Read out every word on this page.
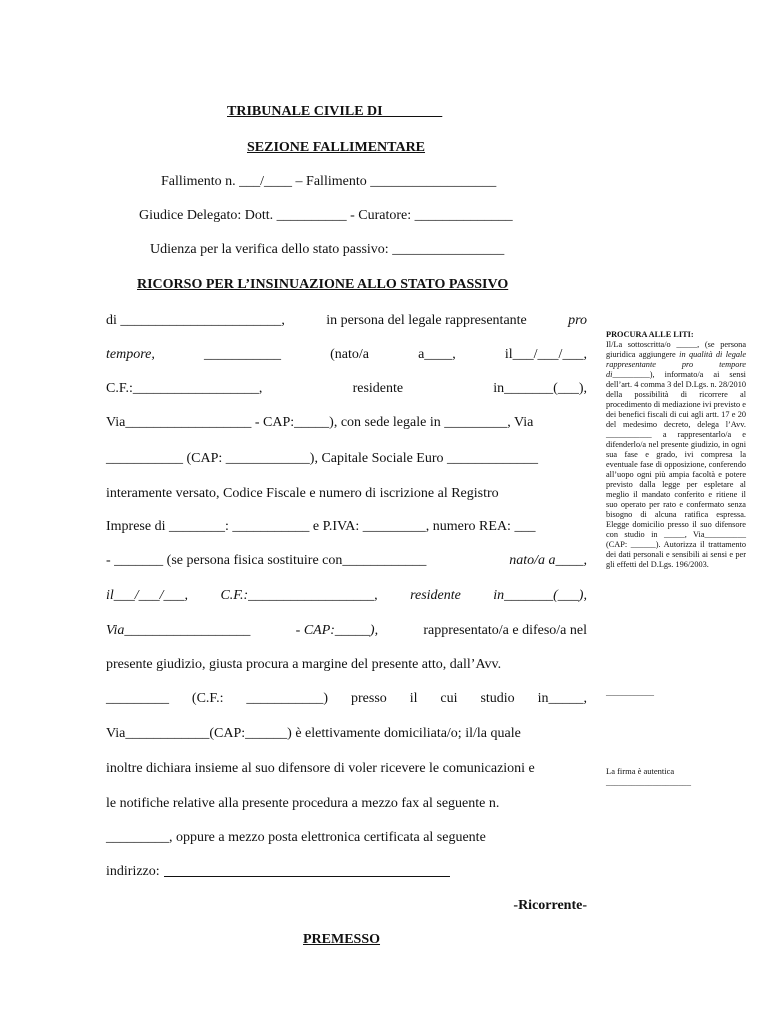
TRIBUNALE CIVILE DI ________
SEZIONE FALLIMENTARE
Fallimento n. ___/____ – Fallimento __________________
Giudice Delegato: Dott. __________ - Curatore: ______________
Udienza per la verifica dello stato passivo: ________________
RICORSO PER L’INSINUAZIONE ALLO STATO PASSIVO
di _______________________,	in persona del legale rappresentante	pro
tempore,	___________	(nato/a	a____,	il___/___/___,
C.F.:__________________,	residente	in_______(___),
Via__________________ - CAP:_____), con sede legale in _________, Via
___________ (CAP: ____________), Capitale Sociale Euro _____________
interamente versato, Codice Fiscale e numero di iscrizione al Registro
Imprese di ________: ___________ e P.IVA: _________, numero REA: ___
- _______ (se persona fisica sostituire con____________	nato/a a____,
il___/___/___, C.F.:__________________, residente in_______(___),
Via__________________	- CAP:_____),	rappresentato/a e difeso/a nel
presente giudizio, giusta procura a margine del presente atto, dall’Avv.
_________ (C.F.: ___________) presso il cui studio in_____,
Via____________(CAP:______) è elettivamente domiciliata/o; il/la quale
inoltre dichiara insieme al suo difensore di voler ricevere le comunicazioni e
le notifiche relative alla presente procedura a mezzo fax al seguente n.
_________, oppure a mezzo posta elettronica certificata al seguente
indirizzo:
-Ricorrente-
PREMESSO

PROCURA ALLE LITI:

Il/La sottoscritta/o _____, (se persona giuridica aggiungere in qualità di legale rappresentante pro tempore di_________), informato/a ai sensi dell’art. 4 comma 3 del D.Lgs. n. 28/2010 della possibilità di ricorrere al procedimento di mediazione ivi previsto e dei benefici fiscali di cui agli artt. 17 e 20 del medesimo decreto, delega l’Avv. ___________ a rappresentarlo/a e difenderlo/a nel presente giudizio, in ogni sua fase e grado, ivi compresa la eventuale fase di opposizione, conferendo all’uopo ogni più ampia facoltà e potere previsto dalla legge per espletare al meglio il mandato conferito e ritiene il suo operato per rato e confermato senza bisogno di alcuna ratifica espressa. Elegge domicilio presso il suo difensore con studio in _____, Via__________ (CAP: ______). Autorizza il trattamento dei dati personali e sensibili ai sensi e per gli effetti del D.Lgs. 196/2003.

____________
La firma è autentica
____________________
